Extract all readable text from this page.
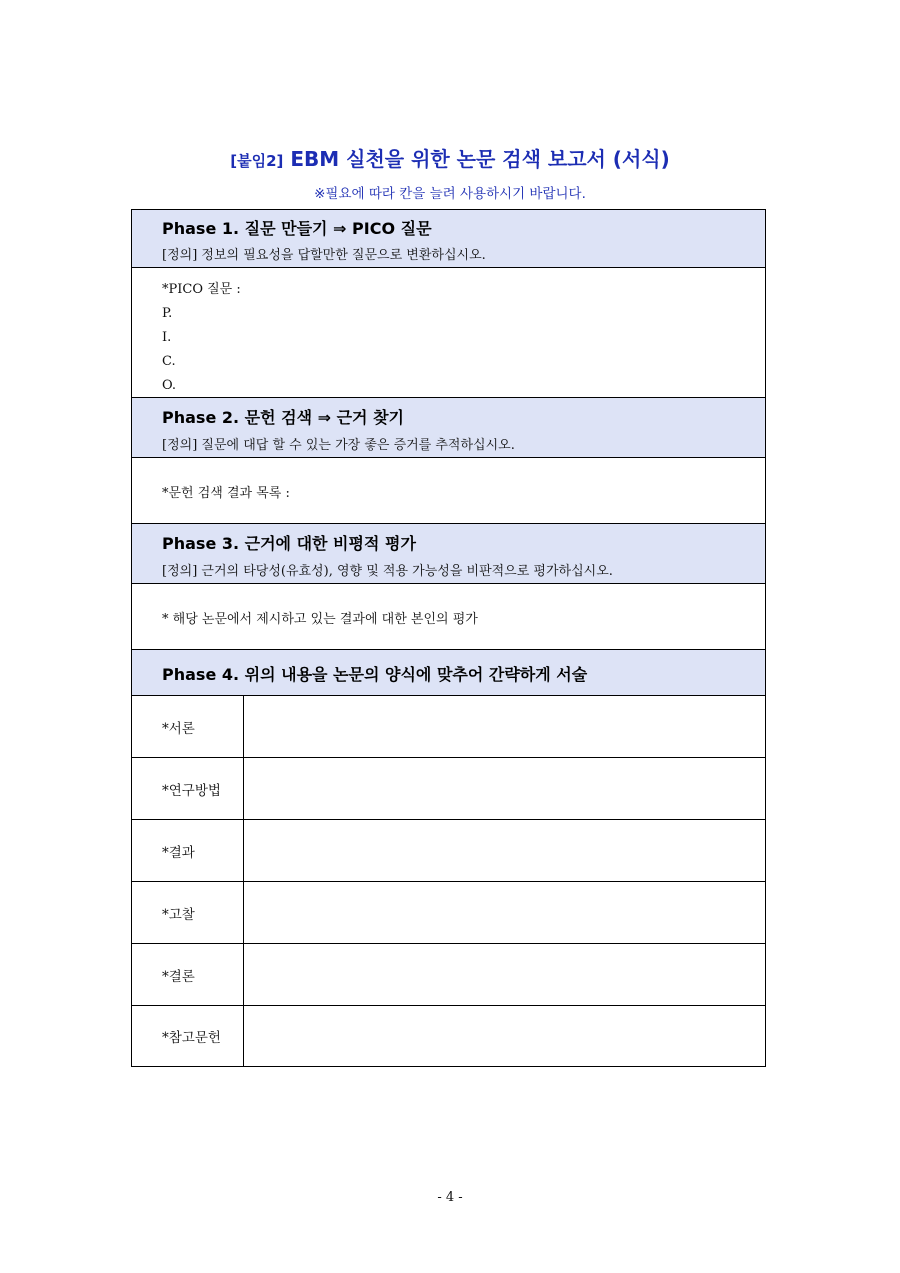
[붙임2] EBM 실천을 위한 논문 검색 보고서 (서식)
※필요에 따라 칸을 늘려 사용하시기 바랍니다.
Phase 1. 질문 만들기 ⇒ PICO 질문
[정의] 정보의 필요성을 답할만한 질문으로 변환하십시오.
*PICO 질문 :
P.
I.
C.
O.
Phase 2. 문헌 검색 ⇒ 근거 찾기
[정의] 질문에 대답 할 수 있는 가장 좋은 증거를 추적하십시오.
*문헌 검색 결과 목록 :
Phase 3. 근거에 대한 비평적 평가
[정의] 근거의 타당성(유효성), 영향 및 적용 가능성을 비판적으로 평가하십시오.
* 해당 논문에서 제시하고 있는 결과에 대한 본인의 평가
Phase 4. 위의 내용을 논문의 양식에 맞추어 간략하게 서술
*서론
*연구방법
*결과
*고찰
*결론
*참고문헌
- 4 -
